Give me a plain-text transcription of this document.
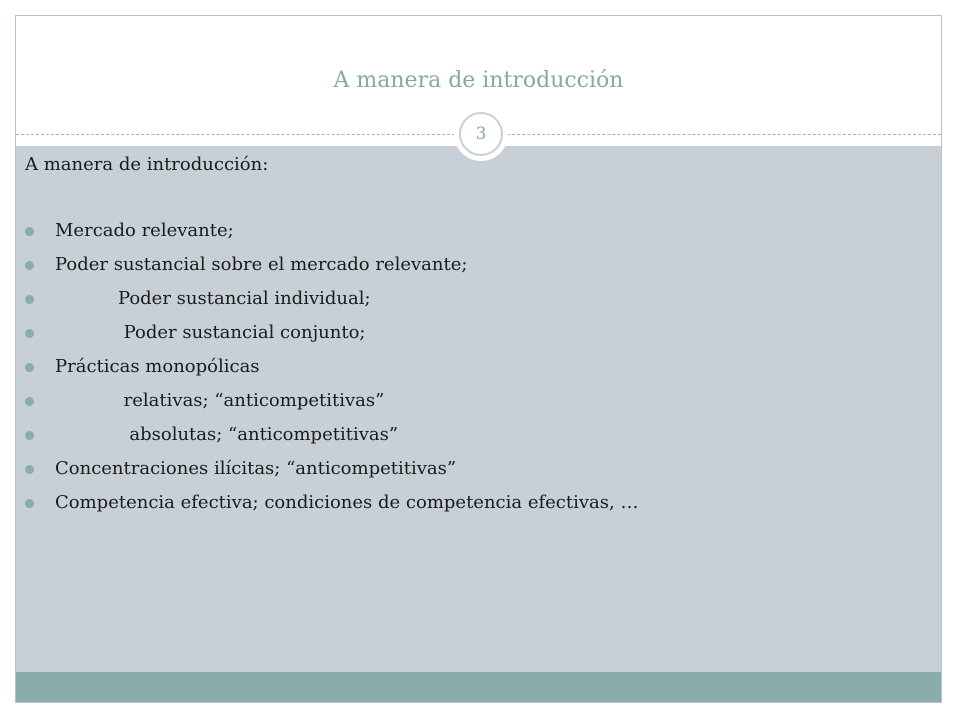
A manera de introducción
3

A manera de introducción:

Mercado relevante;
Poder sustancial sobre el mercado relevante;
Poder sustancial individual;
Poder sustancial conjunto;
Prácticas monopólicas
relativas; “anticompetitivas”
absolutas; “anticompetitivas”
Concentraciones ilícitas; “anticompetitivas”
Competencia efectiva; condiciones de competencia efectivas, …
